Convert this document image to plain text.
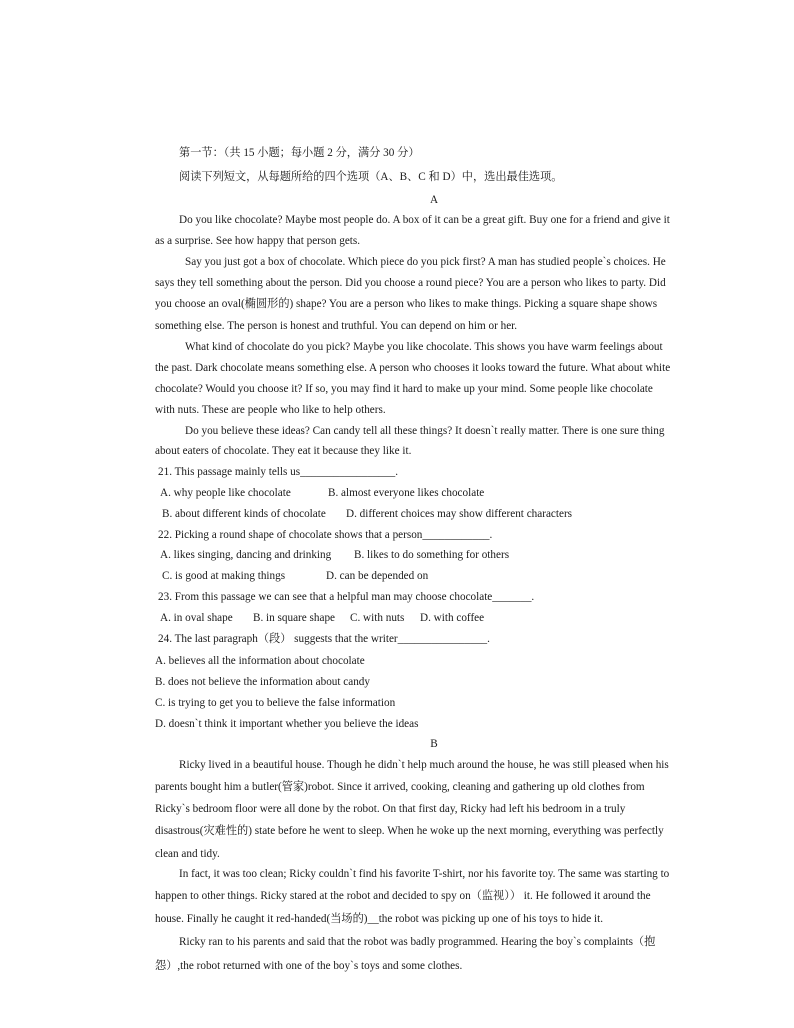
第一节：（共 15 小题；每小题 2 分，满分 30 分）
阅读下列短文，从每题所给的四个选项（A、B、C 和 D）中，选出最佳选项。
A
Do you like chocolate? Maybe most people do. A box of it can be a great gift. Buy one for a friend and give it
as a surprise. See how happy that person gets.
Say you just got a box of chocolate. Which piece do you pick first? A man has studied people`s choices. He
says they tell something about the person. Did you choose a round piece? You are a person who likes to party. Did
you choose an oval(椭圆形的) shape? You are a person who likes to make things. Picking a square shape shows
something else. The person is honest and truthful. You can depend on him or her.
What kind of chocolate do you pick? Maybe you like chocolate. This shows you have warm feelings about
the past. Dark chocolate means something else. A person who chooses it looks toward the future. What about white
chocolate? Would you choose it? If so, you may find it hard to make up your mind. Some people like chocolate
with nuts. These are people who like to help others.
Do you believe these ideas? Can candy tell all these things? It doesn`t really matter. There is one sure thing
about eaters of chocolate. They eat it because they like it.
21. This passage mainly tells us_________________.
A. why people like chocolate	B. almost everyone likes chocolate
B. about different kinds of chocolate D. different choices may show different characters
22. Picking a round shape of chocolate shows that a person____________.
A. likes singing, dancing and drinking B. likes to do something for others
C. is good at making things	D. can be depended on
23. From this passage we can see that a helpful man may choose chocolate_______.
A. in oval shape B. in square shape C. with nuts D. with coffee
24. The last paragraph（段） suggests that the writer________________.
A. believes all the information about chocolate
B. does not believe the information about candy
C. is trying to get you to believe the false information
D. doesn`t think it important whether you believe the ideas
B
Ricky lived in a beautiful house. Though he didn`t help much around the house, he was still pleased when his
parents bought him a butler(管家)robot. Since it arrived, cooking, cleaning and gathering up old clothes from
Ricky`s bedroom floor were all done by the robot. On that first day, Ricky had left his bedroom in a truly
disastrous(灾难性的) state before he went to sleep. When he woke up the next morning, everything was perfectly
clean and tidy.
In fact, it was too clean; Ricky couldn`t find his favorite T-shirt, nor his favorite toy. The same was starting to
happen to other things. Ricky stared at the robot and decided to spy on（监视）） it. He followed it around the
house. Finally he caught it red-handed(当场的)__the robot was picking up one of his toys to hide it.
Ricky ran to his parents and said that the robot was badly programmed. Hearing the boy`s complaints（抱
怨）,the robot returned with one of the boy`s toys and some clothes.
